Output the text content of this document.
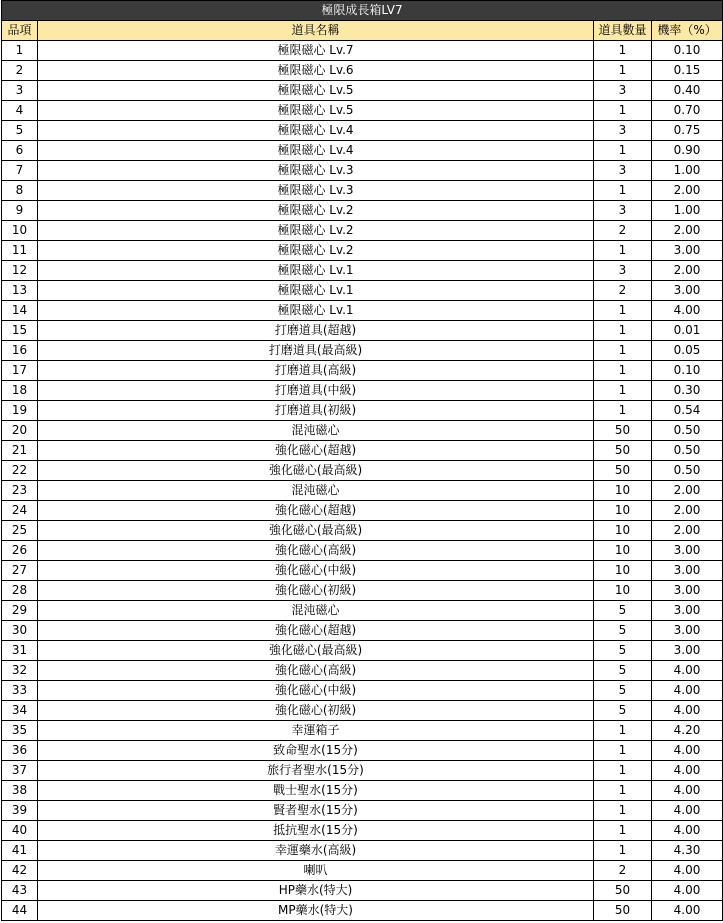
極限成長箱LV7			
品項	道具名稱	道具數量	機率（%）
1	極限磁心 Lv.7	1	0.10
2	極限磁心 Lv.6	1	0.15
3	極限磁心 Lv.5	3	0.40
4	極限磁心 Lv.5	1	0.70
5	極限磁心 Lv.4	3	0.75
6	極限磁心 Lv.4	1	0.90
7	極限磁心 Lv.3	3	1.00
8	極限磁心 Lv.3	1	2.00
9	極限磁心 Lv.2	3	1.00
10	極限磁心 Lv.2	2	2.00
11	極限磁心 Lv.2	1	3.00
12	極限磁心 Lv.1	3	2.00
13	極限磁心 Lv.1	2	3.00
14	極限磁心 Lv.1	1	4.00
15	打磨道具(超越)	1	0.01
16	打磨道具(最高級)	1	0.05
17	打磨道具(高級)	1	0.10
18	打磨道具(中級)	1	0.30
19	打磨道具(初級)	1	0.54
20	混沌磁心	50	0.50
21	強化磁心(超越)	50	0.50
22	強化磁心(最高級)	50	0.50
23	混沌磁心	10	2.00
24	強化磁心(超越)	10	2.00
25	強化磁心(最高級)	10	2.00
26	強化磁心(高級)	10	3.00
27	強化磁心(中級)	10	3.00
28	強化磁心(初級)	10	3.00
29	混沌磁心	5	3.00
30	強化磁心(超越)	5	3.00
31	強化磁心(最高級)	5	3.00
32	強化磁心(高級)	5	4.00
33	強化磁心(中級)	5	4.00
34	強化磁心(初級)	5	4.00
35	幸運箱子	1	4.20
36	致命聖水(15分)	1	4.00
37	旅行者聖水(15分)	1	4.00
38	戰士聖水(15分)	1	4.00
39	賢者聖水(15分)	1	4.00
40	抵抗聖水(15分)	1	4.00
41	幸運藥水(高級)	1	4.30
42	喇叭	2	4.00
43	HP藥水(特大)	50	4.00
44	MP藥水(特大)	50	4.00
